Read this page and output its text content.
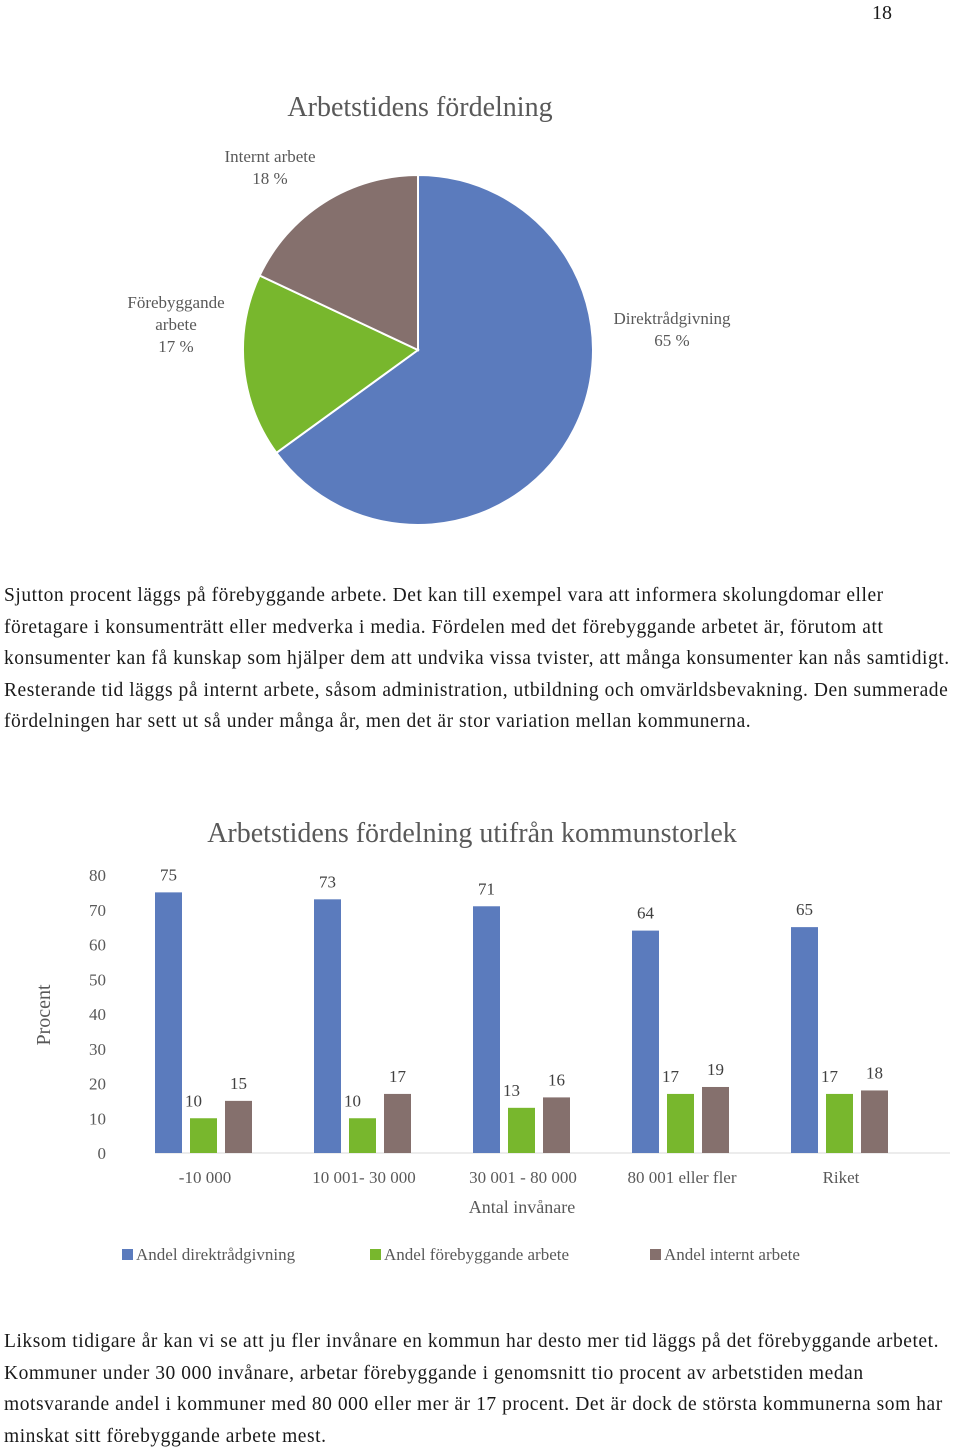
18
Arbetstidens fördelning
Direktrådgivning 65 %
Förebyggande arbete 17 %
Internt arbete 18 %

Sjutton procent läggs på förebyggande arbete. Det kan till exempel vara att informera skolungdomar eller företagare i konsumenträtt eller medverka i media. Fördelen med det förebyggande arbetet är, förutom att konsumenter kan få kunskap som hjälper dem att undvika vissa tvister, att många konsumenter kan nås samtidigt. Resterande tid läggs på internt arbete, såsom administration, utbildning och omvärldsbevakning. Den summerade fördelningen har sett ut så under många år, men det är stor variation mellan kommunerna.

Arbetstidens fördelning utifrån kommunstorlek
Procent
0
10
20
30
40
50
60
70
80	75
10
15
-10 000
73
10
17
10 001- 30 000
71
13
16
30 001 - 80 000
64
17 19
80 001 eller fler
65
17 18
Riket
Antal invånare
Andel direktrådgivning	Andel förebyggande arbete	Andel internt arbete

Liksom tidigare år kan vi se att ju fler invånare en kommun har desto mer tid läggs på det förebyggande arbetet. Kommuner under 30 000 invånare, arbetar förebyggande i genomsnitt tio procent av arbetstiden medan motsvarande andel i kommuner med 80 000 eller mer är 17 procent. Det är dock de största kommunerna som har minskat sitt förebyggande arbete mest.
